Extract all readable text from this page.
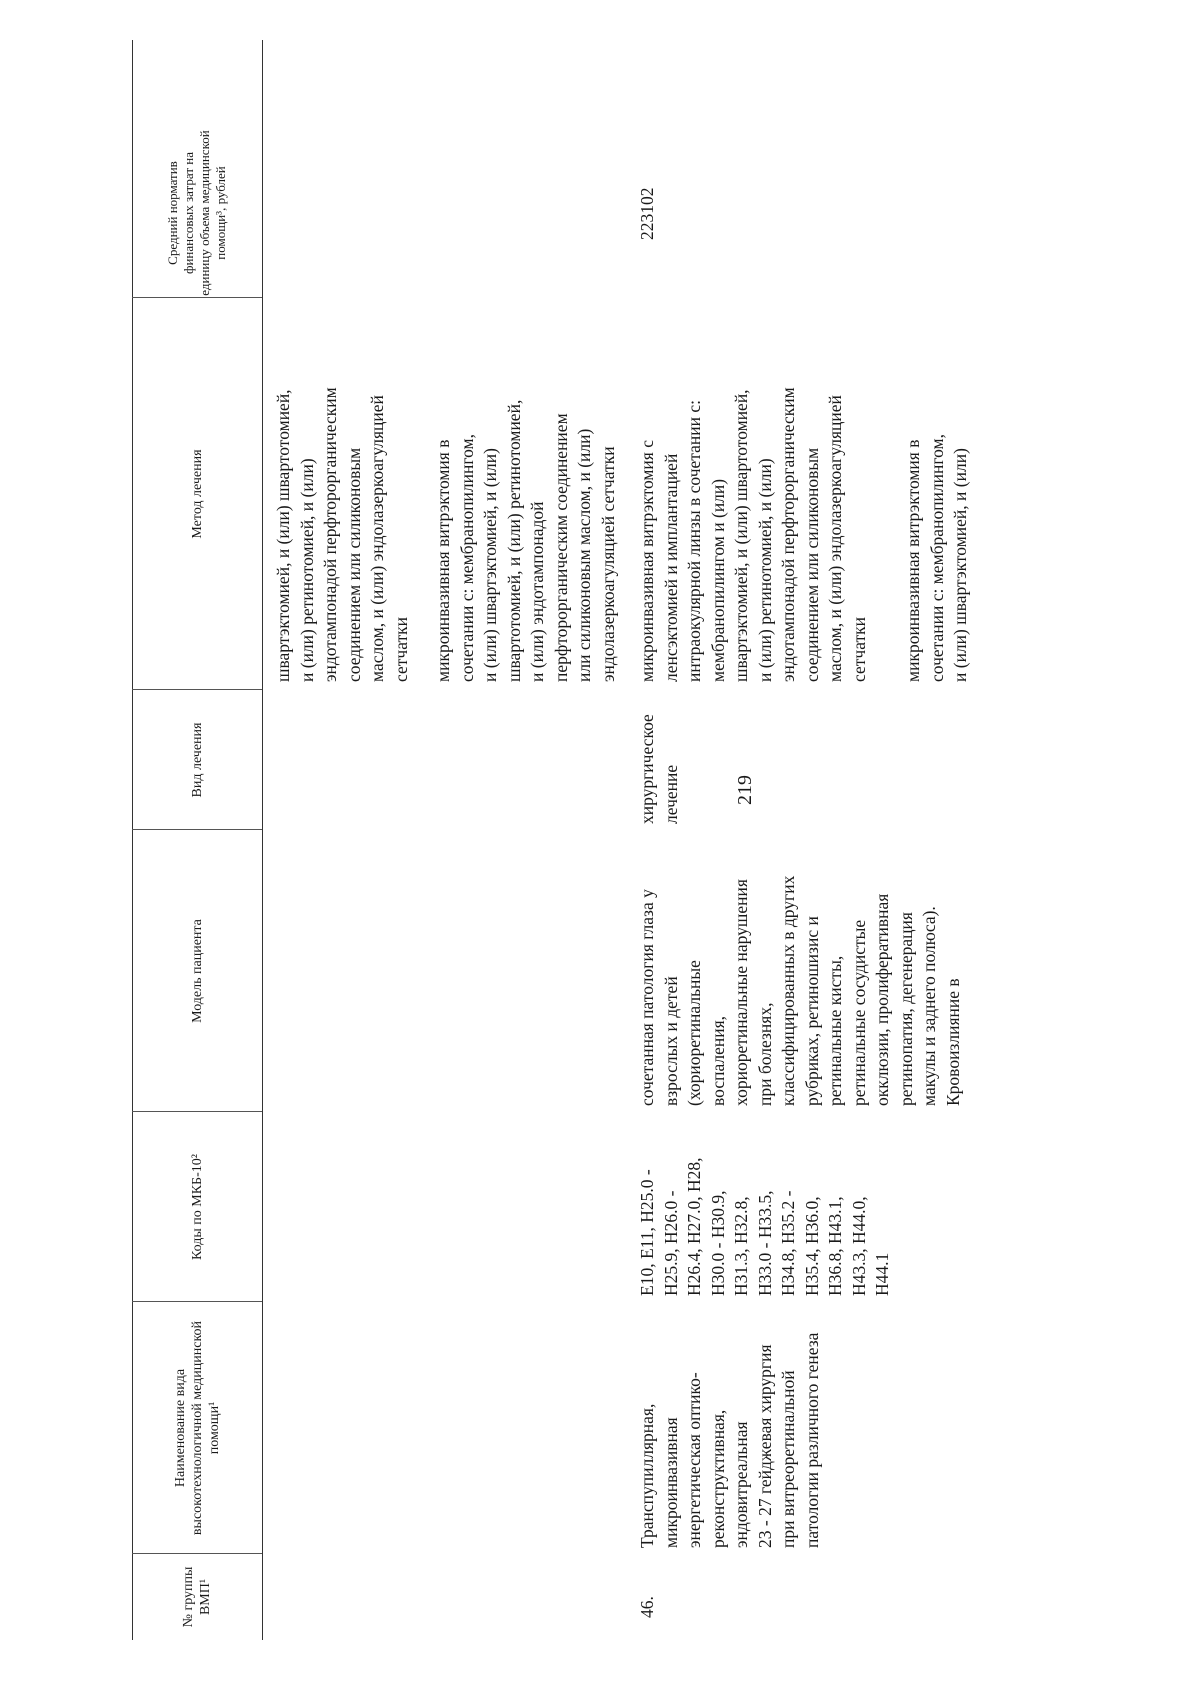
219
№ группы ВМП¹
Наименование вида высокотехнологичной медицинской помощи¹
Коды по МКБ-10²
Модель пациента
Вид лечения
Метод лечения
Средний норматив финансовых затрат на единицу объема медицинской помощи³, рублей
швартэктомией, и (или) швартотомией,
и (или) ретинотомией, и (или)
эндотампонадой перфторорганическим
соединением или силиконовым
маслом, и (или) эндолазеркоагуляцией
сетчатки микроинвазивная витрэктомия в
сочетании с: мембранопилингом,
и (или) швартэктомией, и (или)
швартотомией, и (или) ретинотомией,
и (или) эндотампонадой
перфторорганическим соединением
или силиконовым маслом, и (или)
эндолазеркоагуляцией сетчатки
46.
Транспупиллярная,
микроинвазивная
энергетическая оптико-
реконструктивная,
эндовитреальная
23 - 27 гейджевая хирургия
при витреоретинальной
патологии различного генеза
E10, E11, H25.0 -
H25.9, H26.0 -
H26.4, H27.0, H28,
H30.0 - H30.9,
H31.3, H32.8,
H33.0 - H33.5,
H34.8, H35.2 -
H35.4, H36.0,
H36.8, H43.1,
H43.3, H44.0,
H44.1
сочетанная патология глаза у
взрослых и детей
(хориоретинальные
воспаления,
хориоретинальные нарушения
при болезнях,
классифицированных в других
рубриках, ретиношизис и
ретинальные кисты,
ретинальные сосудистые
окклюзии, пролиферативная
ретинопатия, дегенерация
макулы и заднего полюса).
Кровоизлияние в
хирургическое
лечение
микроинвазивная витрэктомия с
ленсэктомией и имплантацией
интраокулярной линзы в сочетании с:
мембранопилингом и (или)
швартэктомией, и (или) швартотомией,
и (или) ретинотомией, и (или)
эндотампонадой перфторорганическим
соединением или силиконовым
маслом, и (или) эндолазеркоагуляцией
сетчатки микроинвазивная витрэктомия в
сочетании с: мембранопилингом,
и (или) швартэктомией, и (или)
223102
